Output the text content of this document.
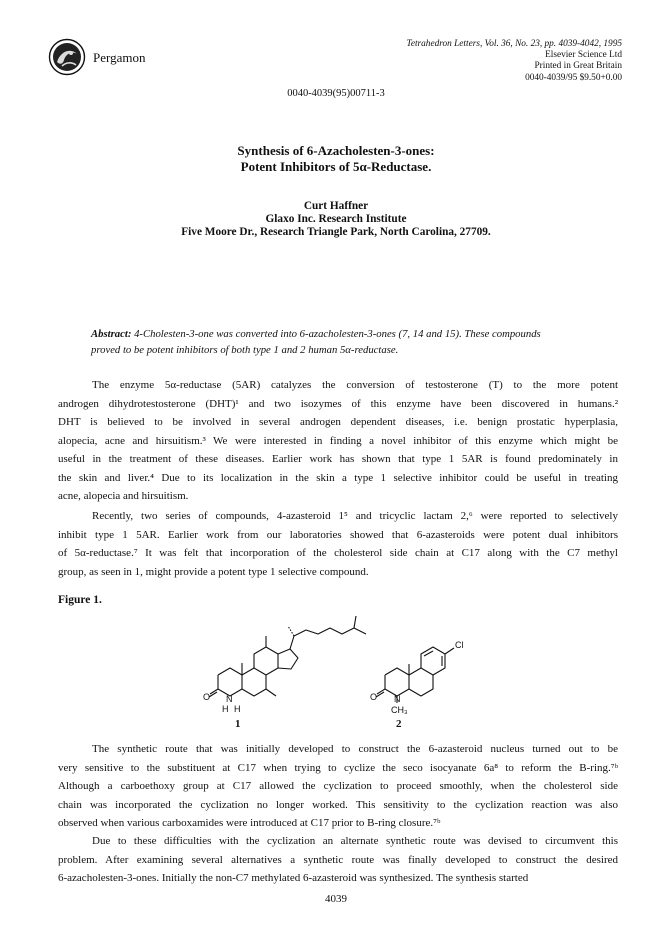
Pergamon
Tetrahedron Letters, Vol. 36, No. 23, pp. 4039-4042, 1995
Elsevier Science Ltd
Printed in Great Britain
0040-4039/95 $9.50+0.00
0040-4039(95)00711-3
Synthesis of 6-Azacholesten-3-ones:
Potent Inhibitors of 5α-Reductase.
Curt Haffner
Glaxo Inc. Research Institute
Five Moore Dr., Research Triangle Park, North Carolina, 27709.
Abstract: 4-Cholesten-3-one was converted into 6-azacholesten-3-ones (7, 14 and 15). These compounds
proved to be potent inhibitors of both type 1 and 2 human 5α-reductase.
The enzyme 5α-reductase (5AR) catalyzes the conversion of testosterone (T) to the more potent
androgen dihydrotestosterone (DHT)¹ and two isozymes of this enzyme have been discovered in humans.²
DHT is believed to be involved in several androgen dependent diseases, i.e. benign prostatic hyperplasia,
alopecia, acne and hirsuitism.³ We were interested in finding a novel inhibitor of this enzyme which might be
useful in the treatment of these diseases. Earlier work has shown that type 1 5AR is found predominately in
the skin and liver.⁴ Due to its localization in the skin a type 1 selective inhibitor could be useful in treating
acne, alopecia and hirsuitism.
Recently, two series of compounds, 4-azasteroid 1⁵ and tricyclic lactam 2,⁶ were reported to selectively
inhibit type 1 5AR. Earlier work from our laboratories showed that 6-azasteroids were potent dual inhibitors
of 5α-reductase.⁷ It was felt that incorporation of the cholesterol side chain at C17 along with the C7 methyl
group, as seen in 1, might provide a potent type 1 selective compound.
Figure 1.
O N
H H
O N
CH₃
Cl
1	2
The synthetic route that was initially developed to construct the 6-azasteroid nucleus turned out to be
very sensitive to the substituent at C17 when trying to cyclize the seco isocyanate 6a⁸ to reform the B-ring.⁷ᵇ
Although a carboethoxy group at C17 allowed the cyclization to proceed smoothly, when the cholesterol side
chain was incorporated the cyclization no longer worked. This sensitivity to the cyclization reaction was also
observed when various carboxamides were introduced at C17 prior to B-ring closure.⁷ᵇ
Due to these difficulties with the cyclization an alternate synthetic route was devised to circumvent this
problem. After examining several alternatives a synthetic route was finally developed to construct the desired
6-azacholesten-3-ones. Initially the non-C7 methylated 6-azasteroid was synthesized. The synthesis started
4039
